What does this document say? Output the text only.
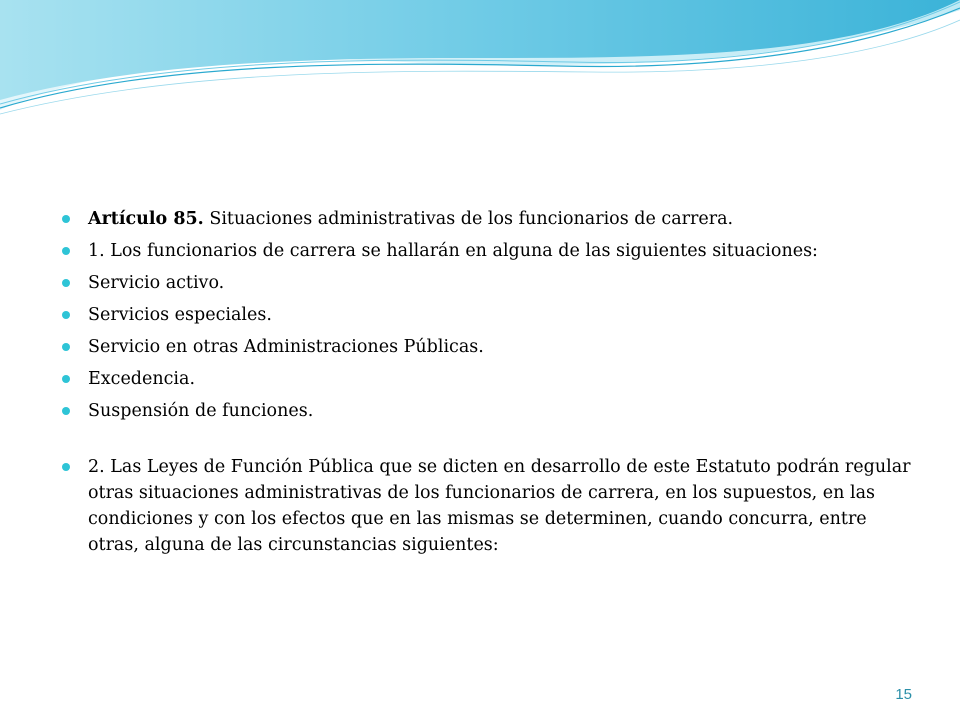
Artículo 85. Situaciones administrativas de los funcionarios de carrera.
1. Los funcionarios de carrera se hallarán en alguna de las siguientes situaciones:
Servicio activo.
Servicios especiales.
Servicio en otras Administraciones Públicas.
Excedencia.
Suspensión de funciones.
2. Las Leyes de Función Pública que se dicten en desarrollo de este Estatuto podrán regular otras situaciones administrativas de los funcionarios de carrera, en los supuestos, en las condiciones y con los efectos que en las mismas se determinen, cuando concurra, entre otras, alguna de las circunstancias siguientes:
15
